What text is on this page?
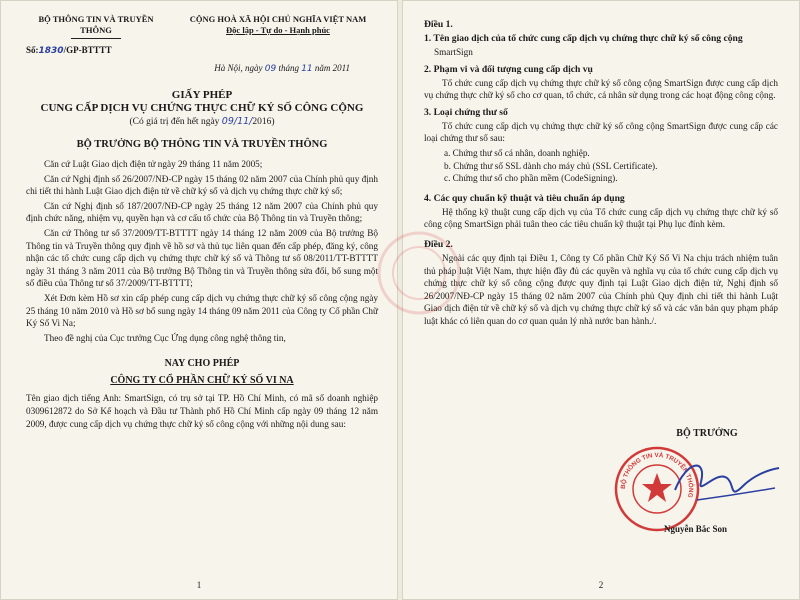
BỘ THÔNG TIN VÀ TRUYỀN THÔNG
Số:1830/GP-BTTTT
CỘNG HOÀ XÃ HỘI CHỦ NGHĨA VIỆT NAM
Độc lập - Tự do - Hạnh phúc
Hà Nội, ngày 09 tháng 11 năm 2011
GIẤY PHÉP
CUNG CẤP DỊCH VỤ CHỨNG THỰC CHỮ KÝ SỐ CÔNG CỘNG
(Có giá trị đến hết ngày 09/11/2016)
BỘ TRƯỞNG BỘ THÔNG TIN VÀ TRUYỀN THÔNG

Căn cứ Luật Giao dịch điện tử ngày 29 tháng 11 năm 2005;

Căn cứ Nghị định số 26/2007/NĐ-CP ngày 15 tháng 02 năm 2007 của Chính phủ quy định chi tiết thi hành Luật Giao dịch điện tử về chữ ký số và dịch vụ chứng thực chữ ký số;

Căn cứ Nghị định số 187/2007/NĐ-CP ngày 25 tháng 12 năm 2007 của Chính phủ quy định chức năng, nhiệm vụ, quyền hạn và cơ cấu tổ chức của Bộ Thông tin và Truyền thông;

Căn cứ Thông tư số 37/2009/TT-BTTTT ngày 14 tháng 12 năm 2009 của Bộ trưởng Bộ Thông tin và Truyền thông quy định về hồ sơ và thủ tục liên quan đến cấp phép, đăng ký, công nhận các tổ chức cung cấp dịch vụ chứng thực chữ ký số và Thông tư số 08/2011/TT-BTTTT ngày 31 tháng 3 năm 2011 của Bộ trưởng Bộ Thông tin và Truyền thông sửa đổi, bổ sung một số điều của Thông tư số 37/2009/TT-BTTTT;

Xét Đơn kèm Hồ sơ xin cấp phép cung cấp dịch vụ chứng thực chữ ký số công cộng ngày 25 tháng 10 năm 2010 và Hồ sơ bổ sung ngày 14 tháng 09 năm 2011 của Công ty Cổ phần Chữ Ký Số Vi Na;

Theo đề nghị của Cục trưởng Cục Ứng dụng công nghệ thông tin,

NAY CHO PHÉP
CÔNG TY CỔ PHẦN CHỮ KÝ SỐ VI NA

Tên giao dịch tiếng Anh: SmartSign, có trụ sở tại TP. Hồ Chí Minh, có mã số doanh nghiệp 0309612872 do Sở Kế hoạch và Đầu tư Thành phố Hồ Chí Minh cấp ngày 09 tháng 12 năm 2009, được cung cấp dịch vụ chứng thực chữ ký số công cộng với những nội dung sau:

1
Điều 1.
1. Tên giao dịch của tổ chức cung cấp dịch vụ chứng thực chữ ký số công cộng
SmartSign
2. Phạm vi và đối tượng cung cấp dịch vụ

Tổ chức cung cấp dịch vụ chứng thực chữ ký số công cộng SmartSign được cung cấp dịch vụ chứng thực chữ ký số cho cơ quan, tổ chức, cá nhân sử dụng trong các hoạt động công cộng.

3. Loại chứng thư số

Tổ chức cung cấp dịch vụ chứng thực chữ ký số công cộng SmartSign được cung cấp các loại chứng thư số sau:

a. Chứng thư số cá nhân, doanh nghiệp.
b. Chứng thư số SSL dành cho máy chủ (SSL Certificate).
c. Chứng thư số cho phần mềm (CodeSigning).
4. Các quy chuẩn kỹ thuật và tiêu chuẩn áp dụng

Hệ thống kỹ thuật cung cấp dịch vụ của Tổ chức cung cấp dịch vụ chứng thực chữ ký số công cộng SmartSign phải tuân theo các tiêu chuẩn kỹ thuật tại Phụ lục đính kèm.

Điều 2.

Ngoài các quy định tại Điều 1, Công ty Cổ phần Chữ Ký Số Vi Na chịu trách nhiệm tuân thủ pháp luật Việt Nam, thực hiện đầy đủ các quyền và nghĩa vụ của tổ chức cung cấp dịch vụ chứng thực chữ ký số công cộng được quy định tại Luật Giao dịch điện tử, Nghị định số 26/2007/NĐ-CP ngày 15 tháng 02 năm 2007 của Chính phủ Quy định chi tiết thi hành Luật Giao dịch điện tử về chữ ký số và dịch vụ chứng thực chữ ký số và các văn bản quy phạm pháp luật khác có liên quan do cơ quan quản lý nhà nước ban hành./.

BỘ TRƯỞNG
BỘ THÔNG TIN VÀ TRUYỀN THÔNG
Nguyễn Bắc Son
2
